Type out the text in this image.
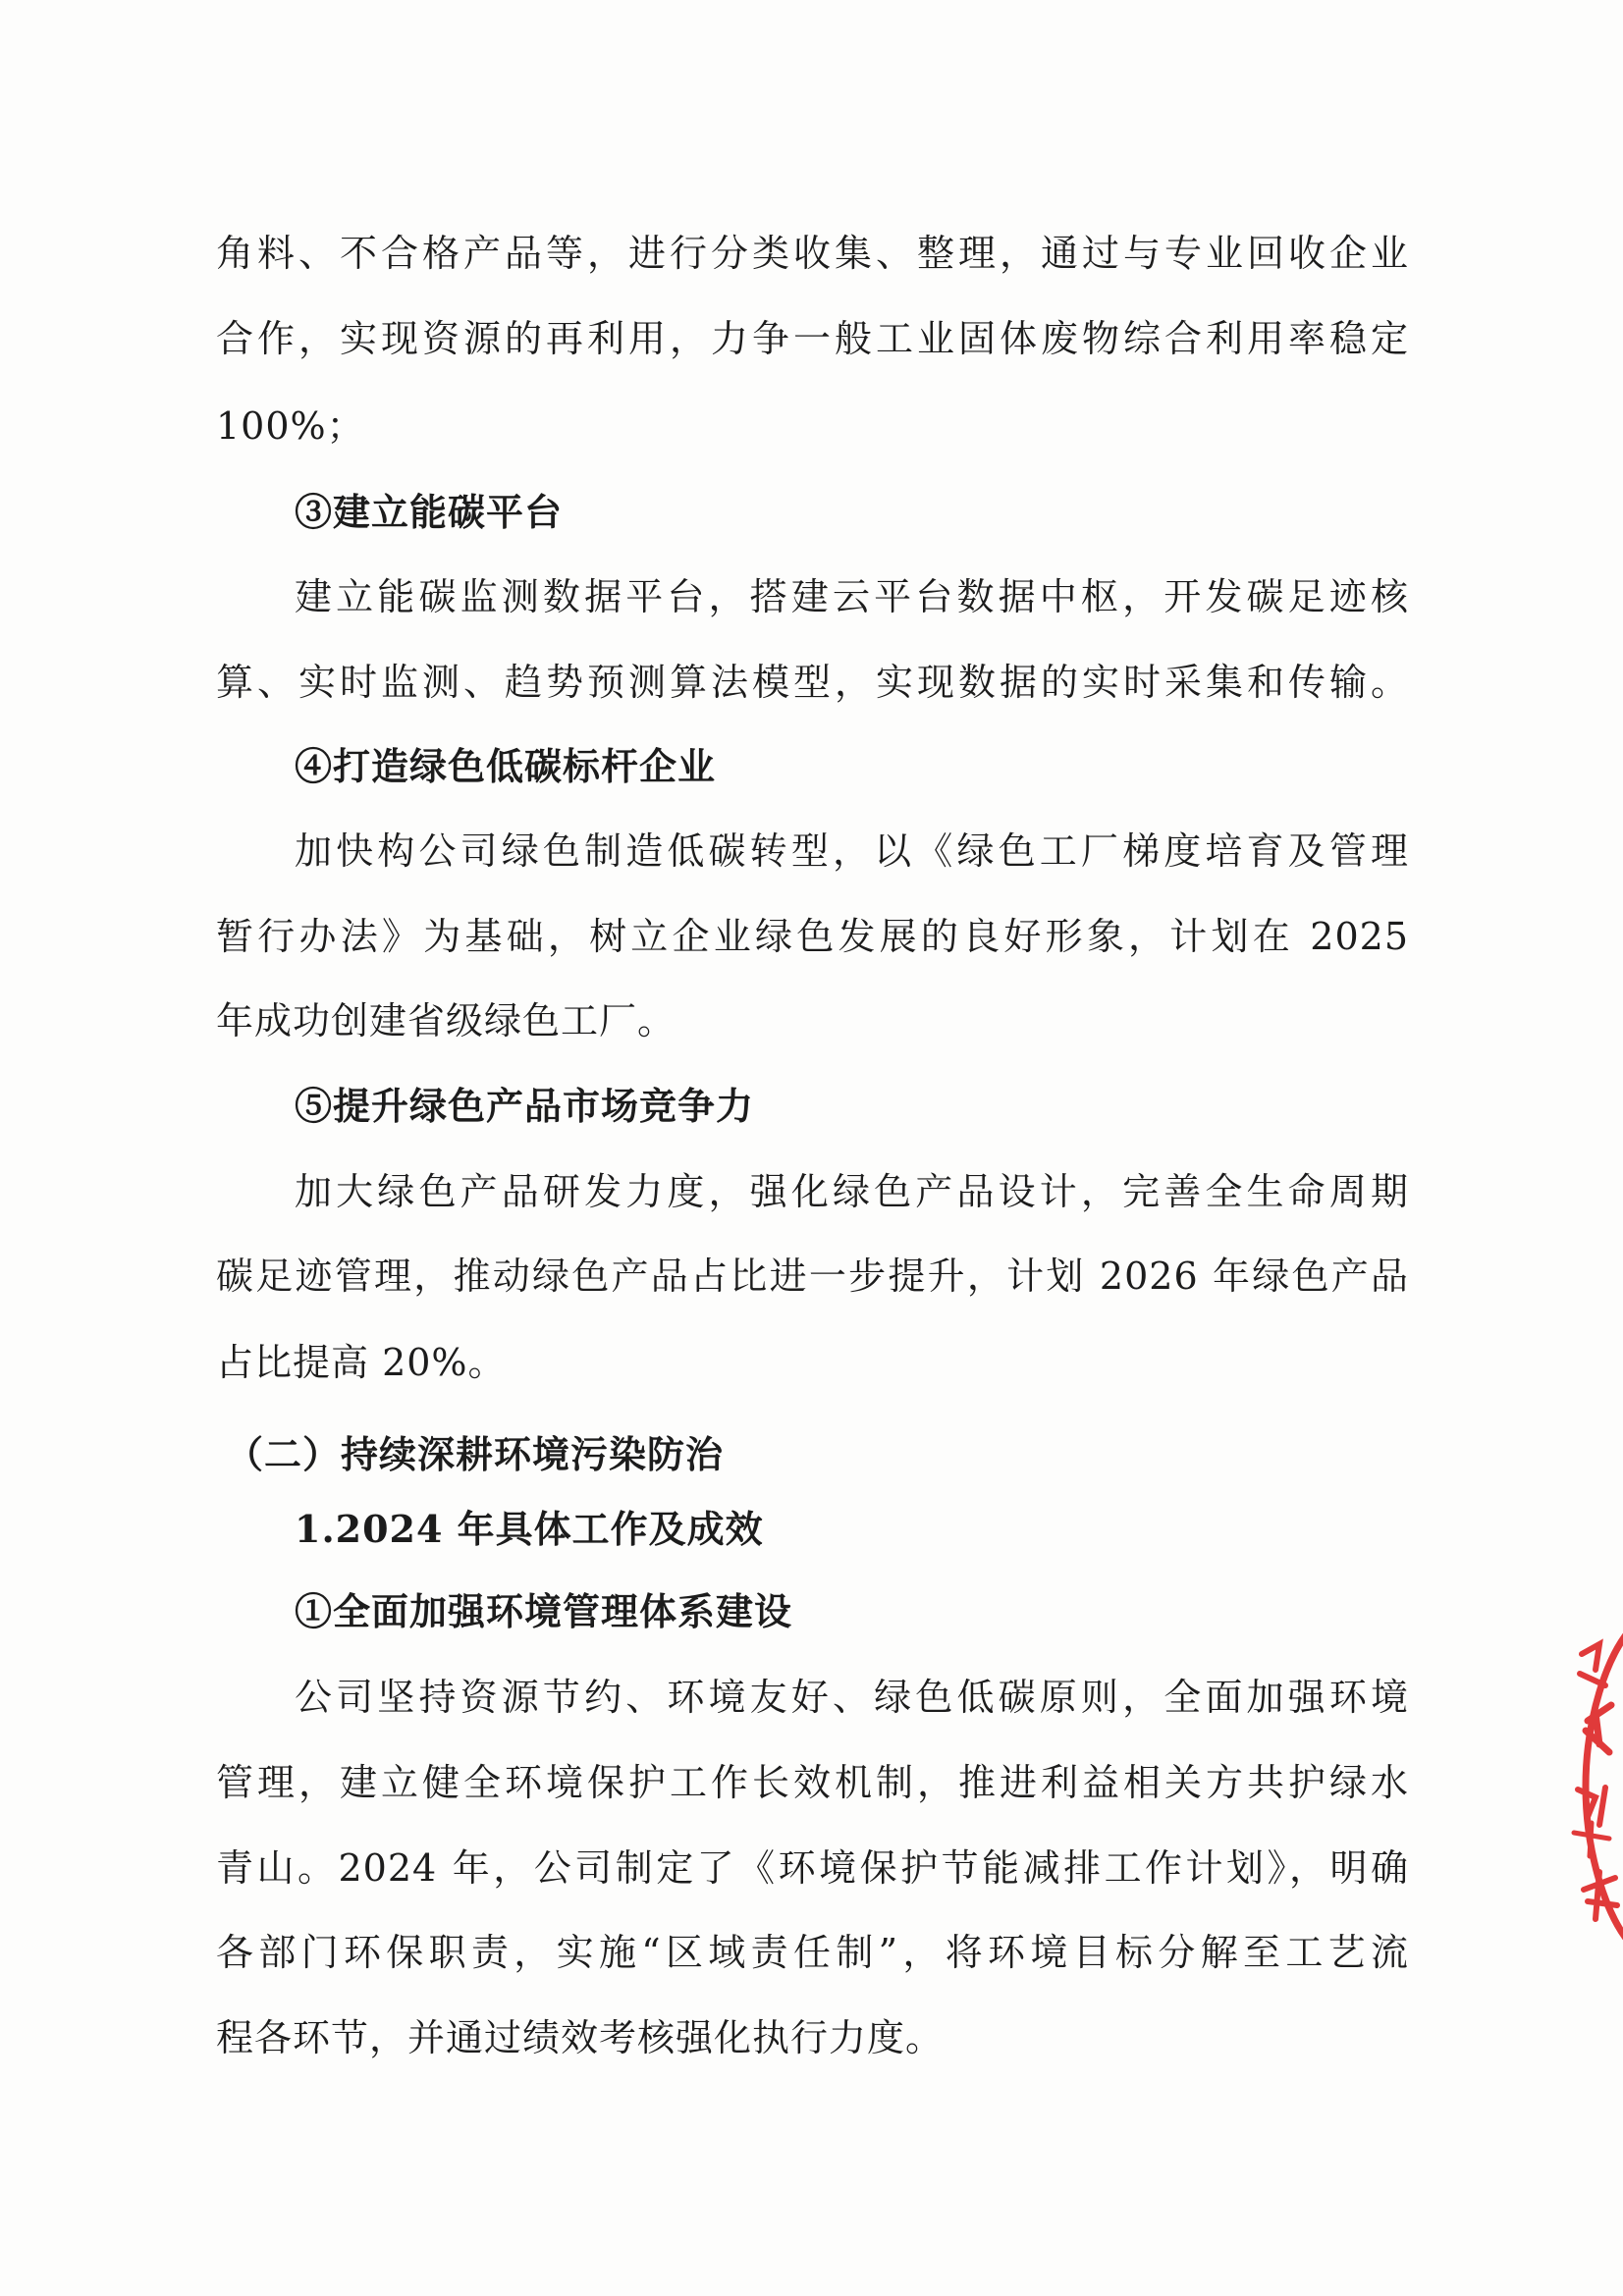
角料、不合格产品等，进行分类收集、整理，通过与专业回收企业
合作，实现资源的再利用，力争一般工业固体废物综合利用率稳定
100%；
③建立能碳平台
建立能碳监测数据平台，搭建云平台数据中枢，开发碳足迹核
算、实时监测、趋势预测算法模型，实现数据的实时采集和传输。
④打造绿色低碳标杆企业
加快构公司绿色制造低碳转型，以《绿色工厂梯度培育及管理
暂行办法》为基础，树立企业绿色发展的良好形象，计划在 2025
年成功创建省级绿色工厂。
⑤提升绿色产品市场竞争力
加大绿色产品研发力度，强化绿色产品设计，完善全生命周期
碳足迹管理，推动绿色产品占比进一步提升，计划 2026 年绿色产品
占比提高 20%。
（二）持续深耕环境污染防治
1.2024 年具体工作及成效
①全面加强环境管理体系建设
公司坚持资源节约、环境友好、绿色低碳原则，全面加强环境
管理，建立健全环境保护工作长效机制，推进利益相关方共护绿水
青山。2024 年，公司制定了《环境保护节能减排工作计划》，明确
各部门环保职责，实施“区域责任制”，将环境目标分解至工艺流
程各环节，并通过绩效考核强化执行力度。
